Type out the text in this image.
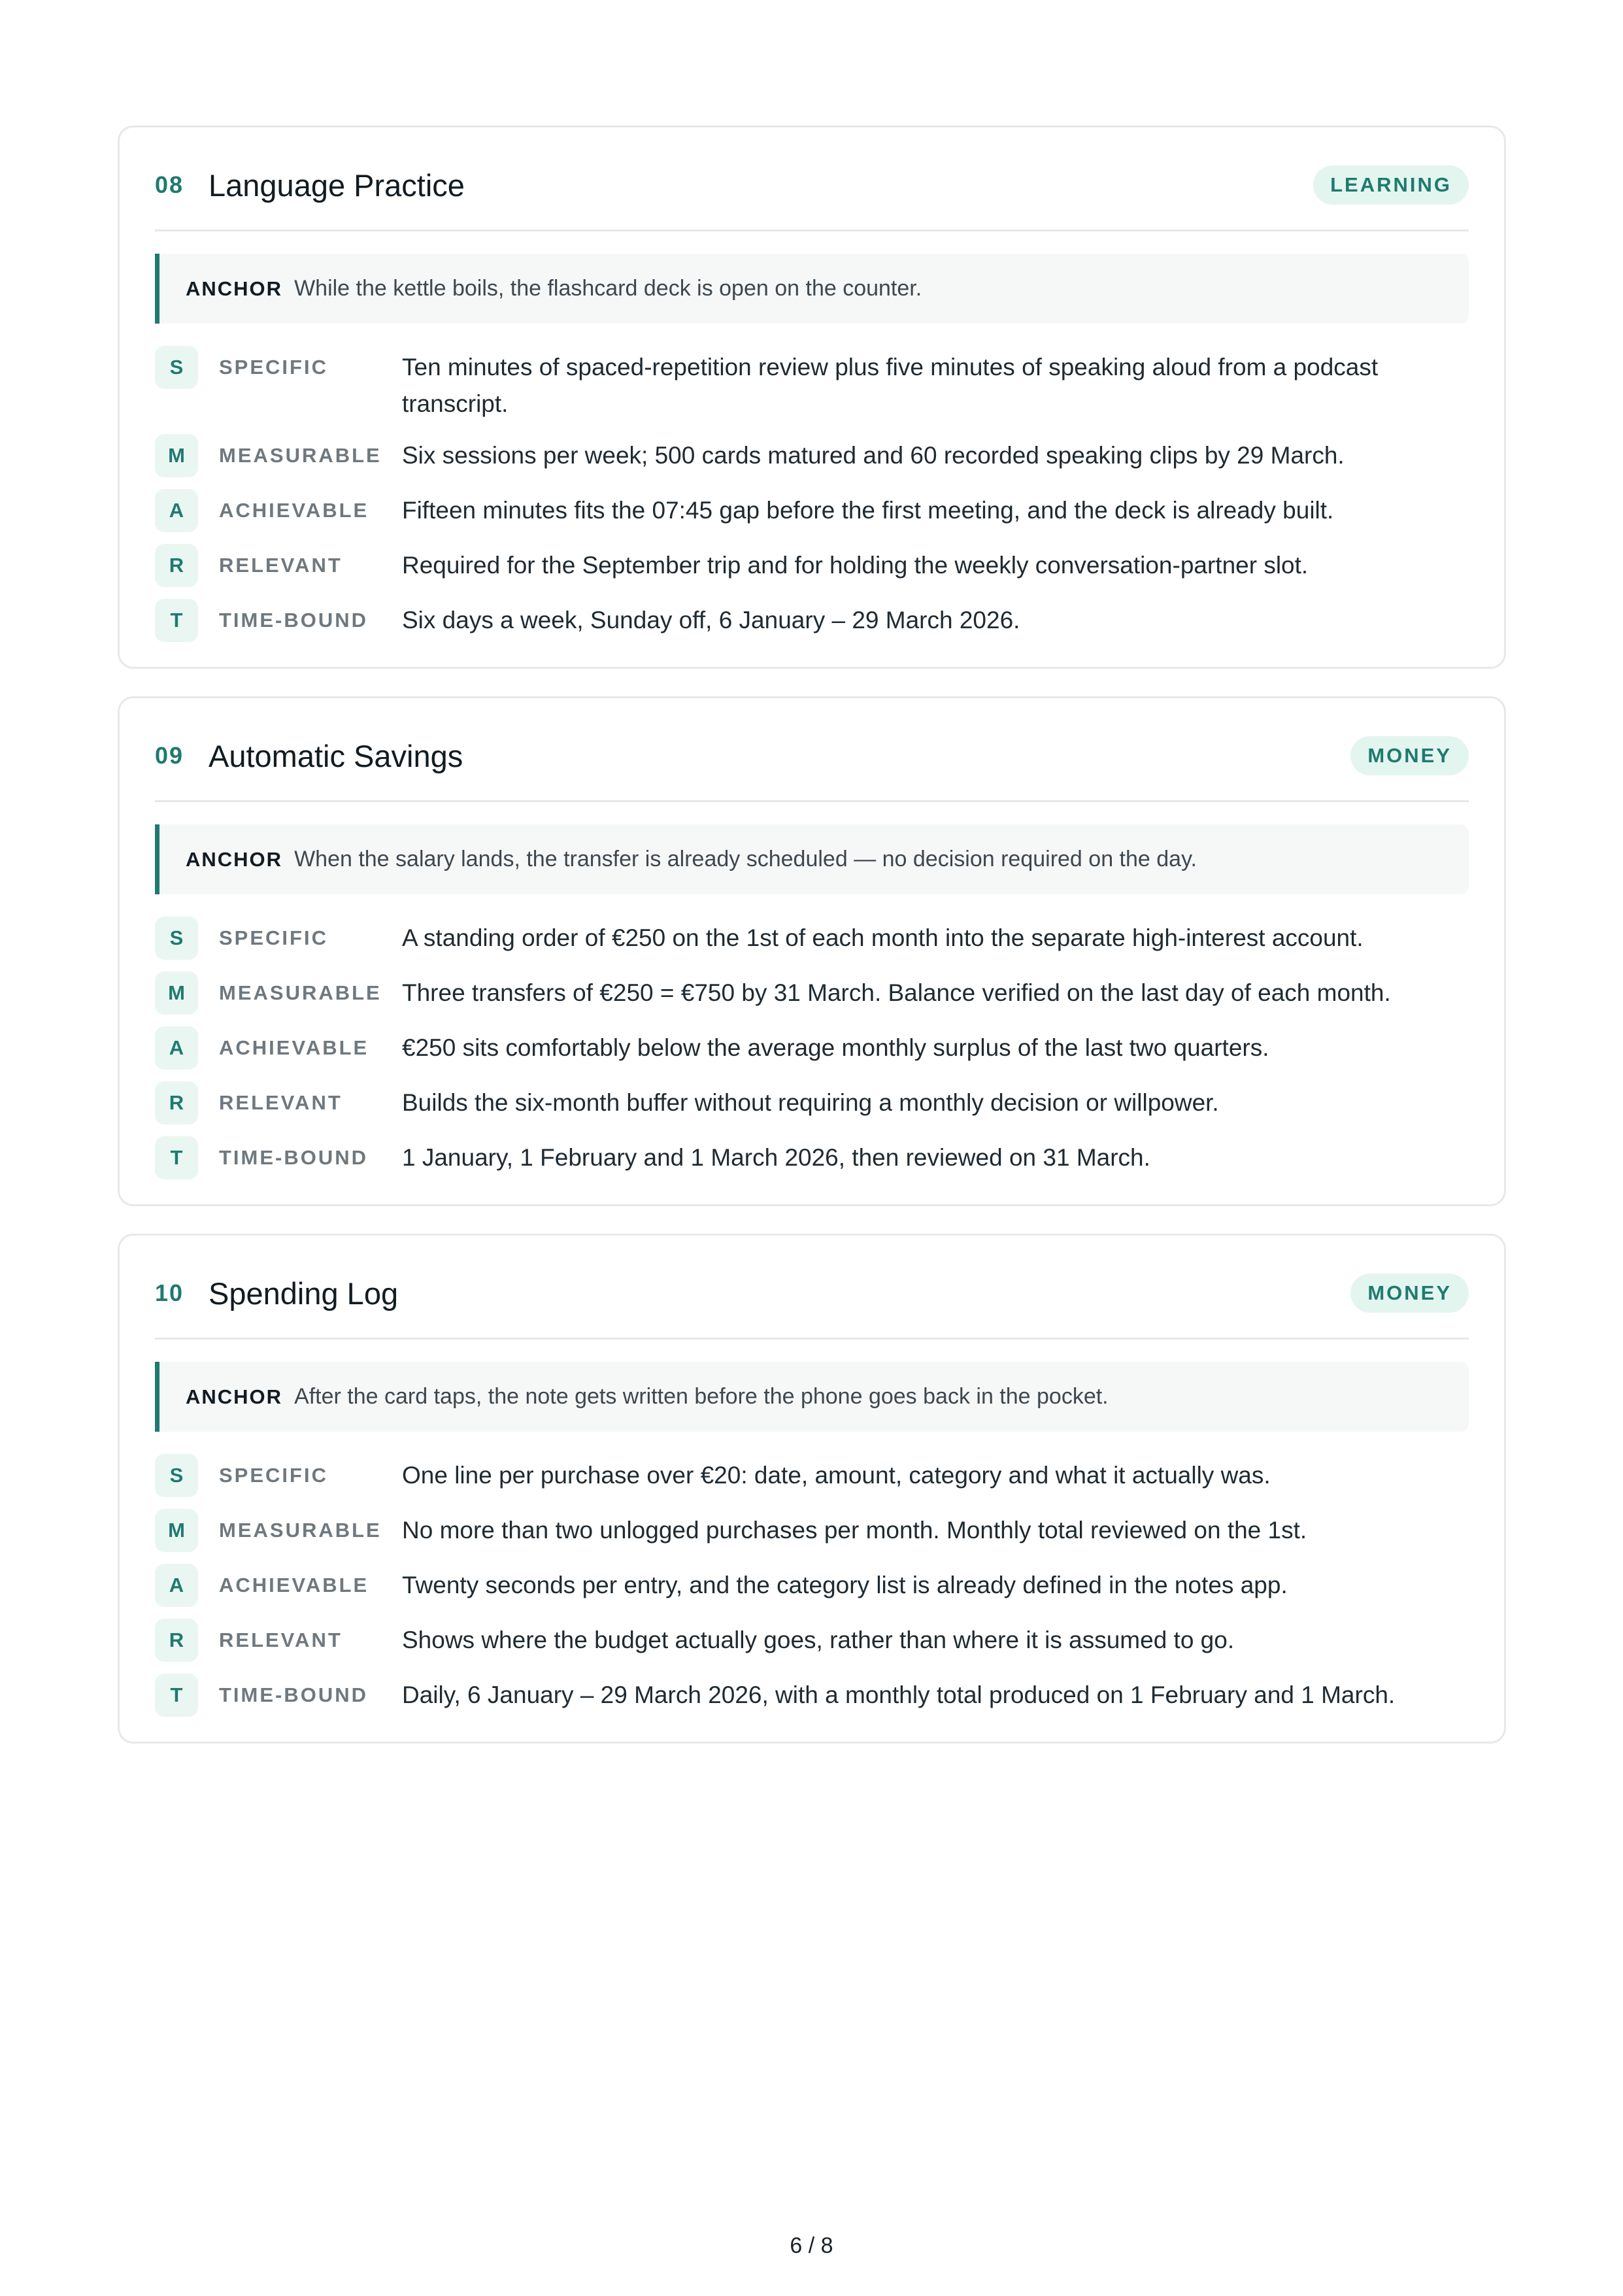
08 Language Practice	LEARNING
ANCHOR While the kettle boils, the flashcard deck is open on the counter.
S	SPECIFIC	Ten minutes of spaced-repetition review plus five minutes of speaking aloud from a podcast transcript.
M	MEASURABLE Six sessions per week; 500 cards matured and 60 recorded speaking clips by 29 March.
A	ACHIEVABLE	Fifteen minutes fits the 07:45 gap before the first meeting, and the deck is already built.
R	RELEVANT	Required for the September trip and for holding the weekly conversation-partner slot.
T	TIME-BOUND	Six days a week, Sunday off, 6 January – 29 March 2026.
09 Automatic Savings	MONEY
ANCHOR When the salary lands, the transfer is already scheduled — no decision required on the day.
S	SPECIFIC	A standing order of €250 on the 1st of each month into the separate high-interest account.
M	MEASURABLE Three transfers of €250 = €750 by 31 March. Balance verified on the last day of each month.
A	ACHIEVABLE	€250 sits comfortably below the average monthly surplus of the last two quarters.
R	RELEVANT	Builds the six-month buffer without requiring a monthly decision or willpower.
T	TIME-BOUND	1 January, 1 February and 1 March 2026, then reviewed on 31 March.
10 Spending Log	MONEY
ANCHOR After the card taps, the note gets written before the phone goes back in the pocket.
S	SPECIFIC	One line per purchase over €20: date, amount, category and what it actually was.
M	MEASURABLE No more than two unlogged purchases per month. Monthly total reviewed on the 1st.
A	ACHIEVABLE	Twenty seconds per entry, and the category list is already defined in the notes app.
R	RELEVANT	Shows where the budget actually goes, rather than where it is assumed to go.
T	TIME-BOUND	Daily, 6 January – 29 March 2026, with a monthly total produced on 1 February and 1 March.
6 / 8
